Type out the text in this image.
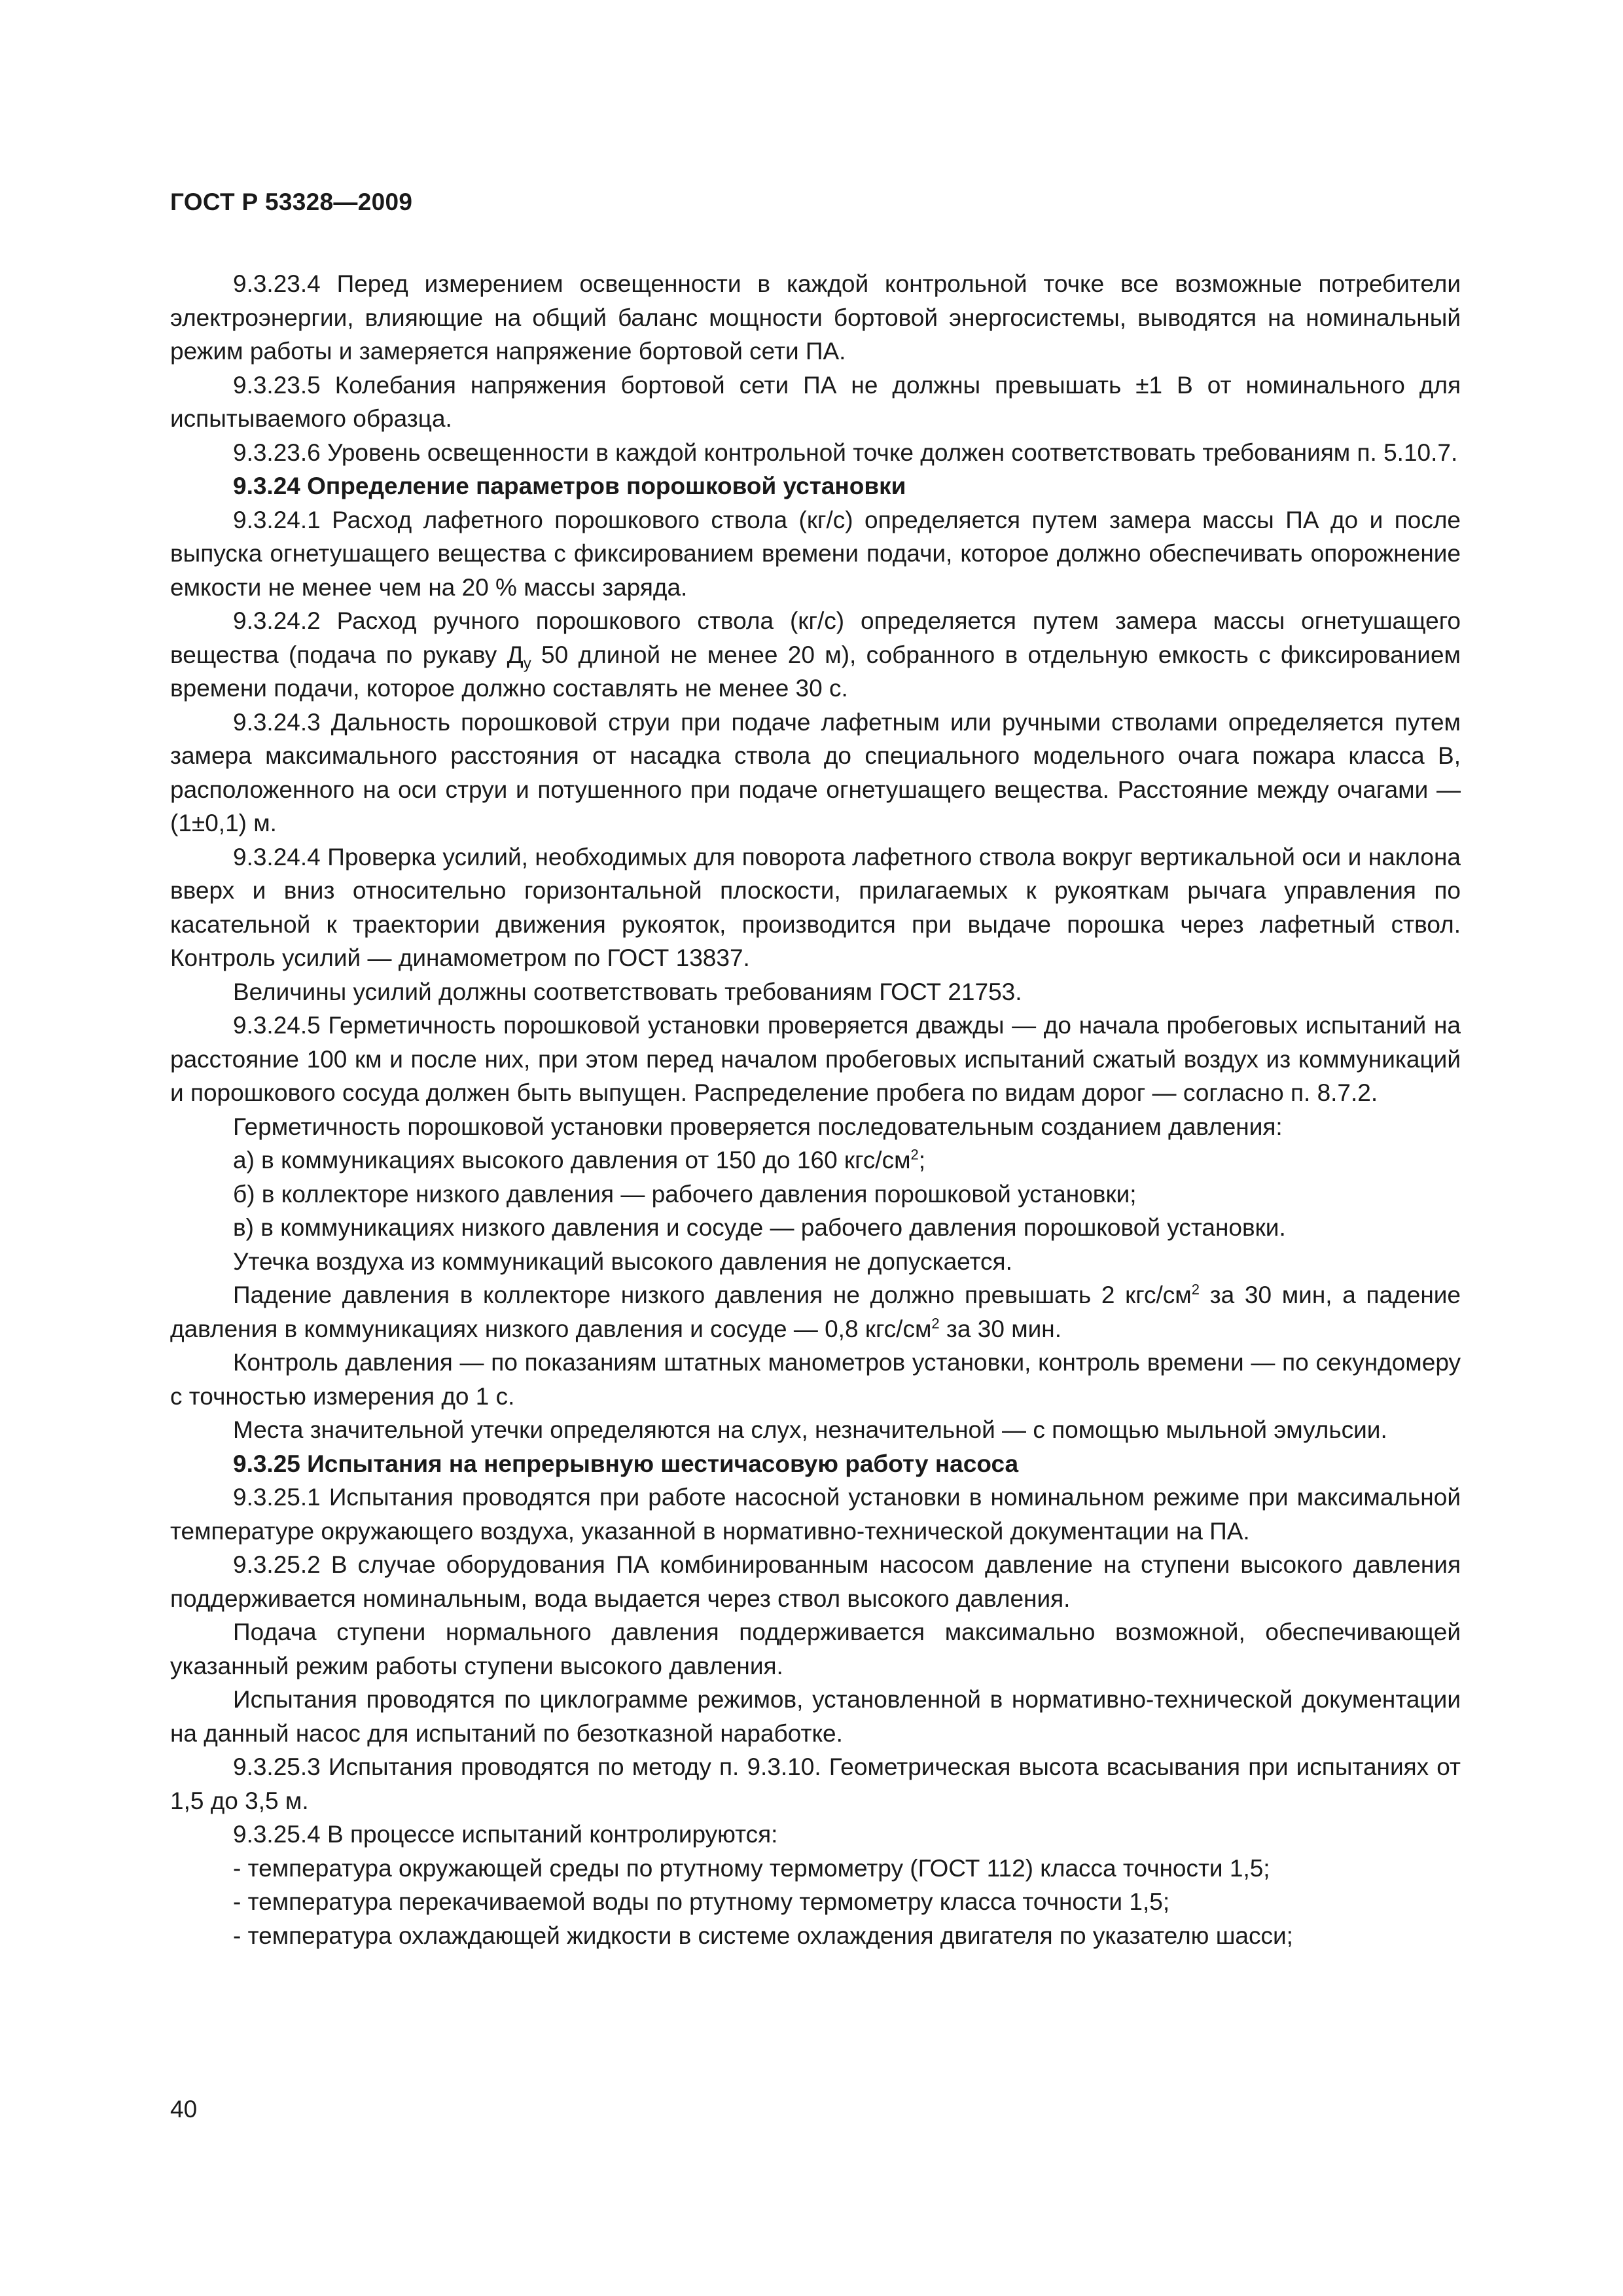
ГОСТ Р 53328—2009

9.3.23.4 Перед измерением освещенности в каждой контрольной точке все возможные потребители электроэнергии, влияющие на общий баланс мощности бортовой энергосистемы, выводятся на номинальный режим работы и замеряется напряжение бортовой сети ПА.

9.3.23.5 Колебания напряжения бортовой сети ПА не должны превышать ±1 В от номинального для испытываемого образца.

9.3.23.6 Уровень освещенности в каждой контрольной точке должен соответствовать требованиям п. 5.10.7.

9.3.24 Определение параметров порошковой установки

9.3.24.1 Расход лафетного порошкового ствола (кг/с) определяется путем замера массы ПА до и после выпуска огнетушащего вещества с фиксированием времени подачи, которое должно обеспечивать опорожнение емкости не менее чем на 20 % массы заряда.

9.3.24.2 Расход ручного порошкового ствола (кг/с) определяется путем замера массы огнетушащего вещества (подача по рукаву $Д_у$ 50 длиной не менее 20 м), собранного в отдельную емкость с фиксированием времени подачи, которое должно составлять не менее 30 с.

9.3.24.3 Дальность порошковой струи при подаче лафетным или ручными стволами определяется путем замера максимального расстояния от насадка ствола до специального модельного очага пожара класса В, расположенного на оси струи и потушенного при подаче огнетушащего вещества. Расстояние между очагами — (1±0,1) м.

9.3.24.4 Проверка усилий, необходимых для поворота лафетного ствола вокруг вертикальной оси и наклона вверх и вниз относительно горизонтальной плоскости, прилагаемых к рукояткам рычага управления по касательной к траектории движения рукояток, производится при выдаче порошка через лафетный ствол. Контроль усилий — динамометром по ГОСТ 13837.

Величины усилий должны соответствовать требованиям ГОСТ 21753.

9.3.24.5 Герметичность порошковой установки проверяется дважды — до начала пробеговых испытаний на расстояние 100 км и после них, при этом перед началом пробеговых испытаний сжатый воздух из коммуникаций и порошкового сосуда должен быть выпущен. Распределение пробега по видам дорог — согласно п. 8.7.2.

Герметичность порошковой установки проверяется последовательным созданием давления:

а) в коммуникациях высокого давления от 150 до 160 кгс/$см^2$;

б) в коллекторе низкого давления — рабочего давления порошковой установки;

в) в коммуникациях низкого давления и сосуде — рабочего давления порошковой установки.

Утечка воздуха из коммуникаций высокого давления не допускается.

Падение давления в коллекторе низкого давления не должно превышать 2 кгс/$см^2$ за 30 мин, а падение давления в коммуникациях низкого давления и сосуде — 0,8 кгс/$см^2$ за 30 мин.

Контроль давления — по показаниям штатных манометров установки, контроль времени — по секундомеру с точностью измерения до 1 с.

Места значительной утечки определяются на слух, незначительной — с помощью мыльной эмульсии.

9.3.25 Испытания на непрерывную шестичасовую работу насоса

9.3.25.1 Испытания проводятся при работе насосной установки в номинальном режиме при максимальной температуре окружающего воздуха, указанной в нормативно-технической документации на ПА.

9.3.25.2 В случае оборудования ПА комбинированным насосом давление на ступени высокого давления поддерживается номинальным, вода выдается через ствол высокого давления.

Подача ступени нормального давления поддерживается максимально возможной, обеспечивающей указанный режим работы ступени высокого давления.

Испытания проводятся по циклограмме режимов, установленной в нормативно-технической документации на данный насос для испытаний по безотказной наработке.

9.3.25.3 Испытания проводятся по методу п. 9.3.10. Геометрическая высота всасывания при испытаниях от 1,5 до 3,5 м.

9.3.25.4 В процессе испытаний контролируются:

- температура окружающей среды по ртутному термометру (ГОСТ 112) класса точности 1,5;

- температура перекачиваемой воды по ртутному термометру класса точности 1,5;

- температура охлаждающей жидкости в системе охлаждения двигателя по указателю шасси;

40
